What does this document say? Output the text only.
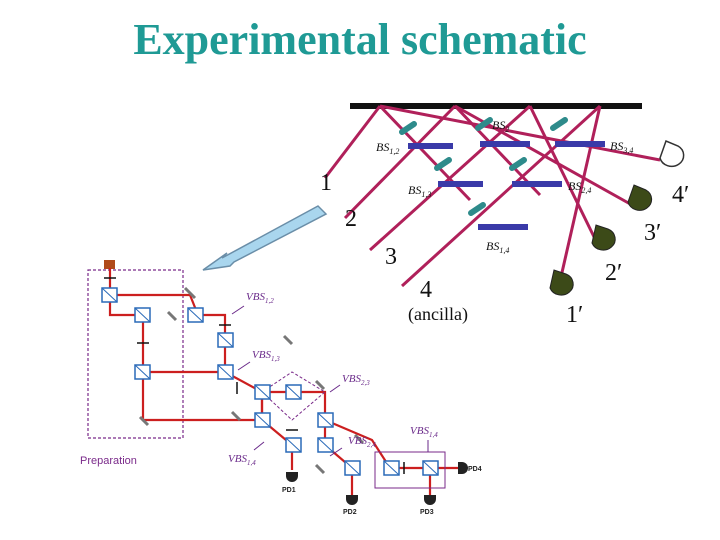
Experimental schematic
1
2
3
4
4′
3′
2′
1′
(ancilla)
$BS_2$
$BS_{1,2}$	$BS_{3,4}$
$BS_{1,3}$
$BS_{2,4}$
$BS_{1,4}$
$VBS_{1,2}$
$VBS_{1,3}$
$VBS_{2,3}$
$VBS_{1,4}$
$VBS_{2,4}$
$VBS_{1,4}$
Preparation
PD1
PD2	PD3
PD4
